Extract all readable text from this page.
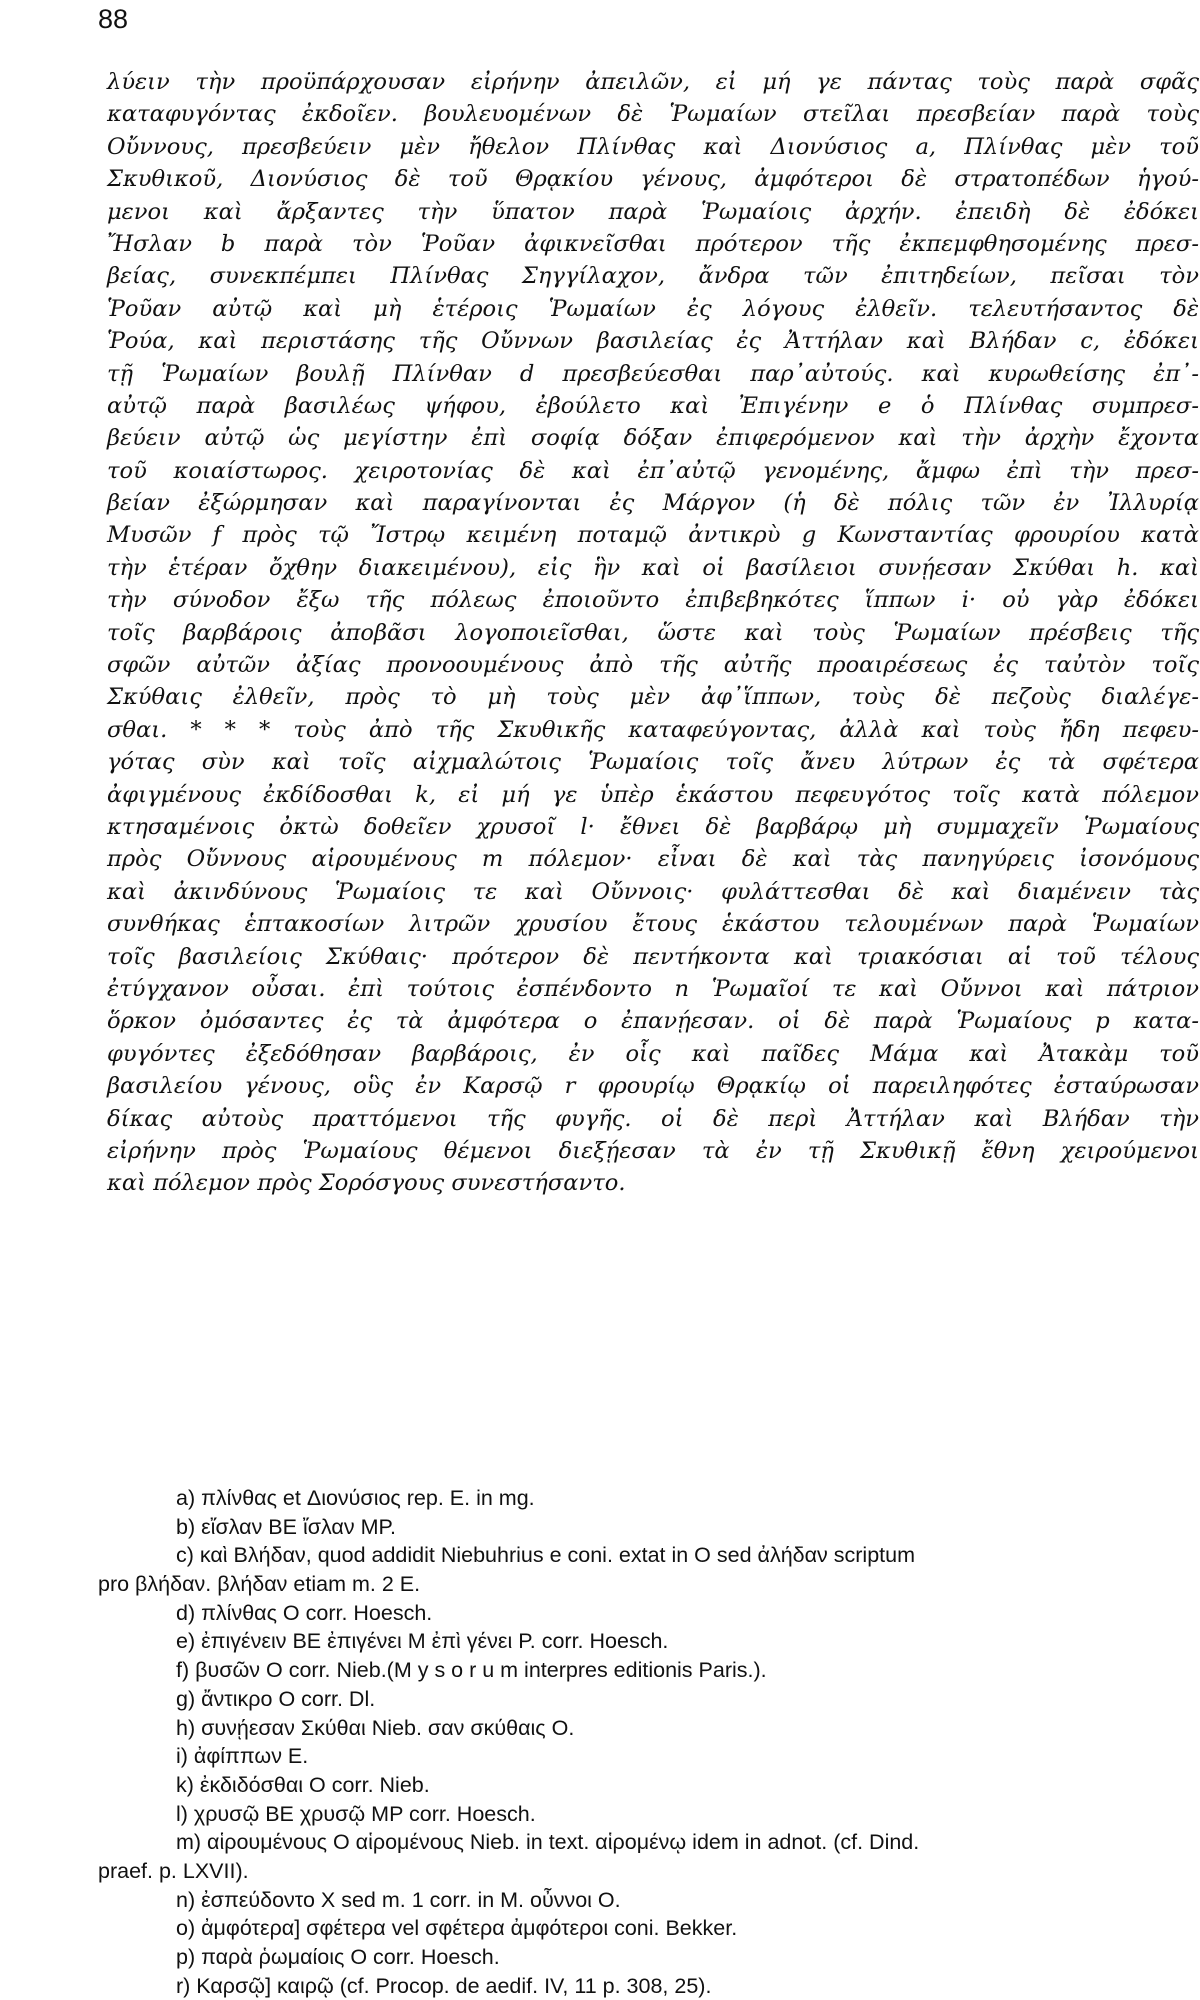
88
λύειν τὴν προϋπάρχουσαν εἰρήνην ἀπειλῶν, εἰ μή γε πάντας τοὺς παρὰ σφᾶς
καταφυγόντας ἐκδοῖεν. βουλευομένων δὲ Ῥωμαίων στεῖλαι πρεσβείαν παρὰ τοὺς
Οὔννους, πρεσβεύειν μὲν ἤθελον Πλίνθας καὶ Διονύσιος a, Πλίνθας μὲν τοῦ
Σκυθικοῦ, Διονύσιος δὲ τοῦ Θρᾳκίου γένους, ἀμφότεροι δὲ στρατοπέδων ἡγού-
μενοι καὶ ἄρξαντες τὴν ὕπατον παρὰ Ῥωμαίοις ἀρχήν. ἐπειδὴ δὲ ἐδόκει
Ἤσλαν b παρὰ τὸν Ῥοῦαν ἀφικνεῖσθαι πρότερον τῆς ἐκπεμφθησομένης πρεσ-
βείας, συνεκπέμπει Πλίνθας Σηγγίλαχον, ἄνδρα τῶν ἐπιτηδείων, πεῖσαι τὸν
Ῥοῦαν αὐτῷ καὶ μὴ ἑτέροις Ῥωμαίων ἐς λόγους ἐλθεῖν. τελευτήσαντος δὲ
Ῥούα, καὶ περιστάσης τῆς Οὔννων βασιλείας ἐς Ἀττήλαν καὶ Βλήδαν c, ἐδόκει
τῇ Ῥωμαίων βουλῇ Πλίνθαν d πρεσβεύεσθαι παρ᾽αὐτούς. καὶ κυρωθείσης ἐπ᾽-
αὐτῷ παρὰ βασιλέως ψήφου, ἐβούλετο καὶ Ἐπιγένην e ὁ Πλίνθας συμπρεσ-
βεύειν αὐτῷ ὡς μεγίστην ἐπὶ σοφίᾳ δόξαν ἐπιφερόμενον καὶ τὴν ἀρχὴν ἔχοντα
τοῦ κοιαίστωρος. χειροτονίας δὲ καὶ ἐπ᾽αὐτῷ γενομένης, ἄμφω ἐπὶ τὴν πρεσ-
βείαν ἐξώρμησαν καὶ παραγίνονται ἐς Μάργον (ἡ δὲ πόλις τῶν ἐν Ἰλλυρίᾳ
Μυσῶν f πρὸς τῷ Ἴστρῳ κειμένη ποταμῷ ἀντικρὺ g Κωνσταντίας φρουρίου κατὰ
τὴν ἑτέραν ὄχθην διακειμένου), εἰς ἣν καὶ οἱ βασίλειοι συνῄεσαν Σκύθαι h. καὶ
τὴν σύνοδον ἔξω τῆς πόλεως ἐποιοῦντο ἐπιβεβηκότες ἵππων i· οὐ γὰρ ἐδόκει
τοῖς βαρβάροις ἀποβᾶσι λογοποιεῖσθαι, ὥστε καὶ τοὺς Ῥωμαίων πρέσβεις τῆς
σφῶν αὐτῶν ἀξίας προνοουμένους ἀπὸ τῆς αὐτῆς προαιρέσεως ἐς ταὐτὸν τοῖς
Σκύθαις ἐλθεῖν, πρὸς τὸ μὴ τοὺς μὲν ἀφ᾽ἵππων, τοὺς δὲ πεζοὺς διαλέγε-
σθαι. * * * τοὺς ἀπὸ τῆς Σκυθικῆς καταφεύγοντας, ἀλλὰ καὶ τοὺς ἤδη πεφευ-
γότας σὺν καὶ τοῖς αἰχμαλώτοις Ῥωμαίοις τοῖς ἄνευ λύτρων ἐς τὰ σφέτερα
ἀφιγμένους ἐκδίδοσθαι k, εἰ μή γε ὑπὲρ ἑκάστου πεφευγότος τοῖς κατὰ πόλεμον
κτησαμένοις ὀκτὼ δοθεῖεν χρυσοῖ l· ἔθνει δὲ βαρβάρῳ μὴ συμμαχεῖν Ῥωμαίους
πρὸς Οὔννους αἱρουμένους m πόλεμον· εἶναι δὲ καὶ τὰς πανηγύρεις ἰσονόμους
καὶ ἀκινδύνους Ῥωμαίοις τε καὶ Οὔννοις· φυλάττεσθαι δὲ καὶ διαμένειν τὰς
συνθήκας ἑπτακοσίων λιτρῶν χρυσίου ἔτους ἑκάστου τελουμένων παρὰ Ῥωμαίων
τοῖς βασιλείοις Σκύθαις· πρότερον δὲ πεντήκοντα καὶ τριακόσιαι αἱ τοῦ τέλους
ἐτύγχανον οὖσαι. ἐπὶ τούτοις ἐσπένδοντο n Ῥωμαῖοί τε καὶ Οὔννοι καὶ πάτριον
ὅρκον ὀμόσαντες ἐς τὰ ἀμφότερα o ἐπανῄεσαν. οἱ δὲ παρὰ Ῥωμαίους p κατα-
φυγόντες ἐξεδόθησαν βαρβάροις, ἐν οἷς καὶ παῖδες Μάμα καὶ Ἀτακὰμ τοῦ
βασιλείου γένους, οὓς ἐν Καρσῷ r φρουρίῳ Θρᾳκίῳ οἱ παρειληφότες ἐσταύρωσαν
δίκας αὐτοὺς πραττόμενοι τῆς φυγῆς. οἱ δὲ περὶ Ἀττήλαν καὶ Βλήδαν τὴν
εἰρήνην πρὸς Ῥωμαίους θέμενοι διεξῄεσαν τὰ ἐν τῇ Σκυθικῇ ἔθνη χειρούμενοι
καὶ πόλεμον πρὸς Σορόσγους συνεστήσαντο.
a) πλίνθας et Διονύσιος rep. E. in mg.
b) εἴσλαν BE ἴσλαν MP.
c) καὶ Βλήδαν, quod addidit Niebuhrius e coni. extat in O sed ἀλήδαν scriptum
pro βλήδαν. βλήδαν etiam m. 2 E.
d) πλίνθας O corr. Hoesch.
e) ἐπιγένειν BE ἐπιγένει M ἐπὶ γένει P. corr. Hoesch.
f) βυσῶν O corr. Nieb.(M y s o r u m interpres editionis Paris.).
g) ἄντικρο O corr. Dl.
h) συνῄεσαν Σκύθαι Nieb. σαν σκύθαις O.
i) ἀφίππων E.
k) ἐκδιδόσθαι O corr. Nieb.
l) χρυσῷ BE χρυσῷ MP corr. Hoesch.
m) αἱρουμένους O αἱρομένους Nieb. in text. αἱρομένῳ idem in adnot. (cf. Dind.
praef. p. LXVII).
n) ἐσπεύδοντο X sed m. 1 corr. in M. οὖννοι O.
o) ἀμφότερα] σφέτερα vel σφέτερα ἀμφότεροι coni. Bekker.
p) παρὰ ῥωμαίοις O corr. Hoesch.
r) Καρσῷ] καιρῷ (cf. Procop. de aedif. IV, 11 p. 308, 25).
